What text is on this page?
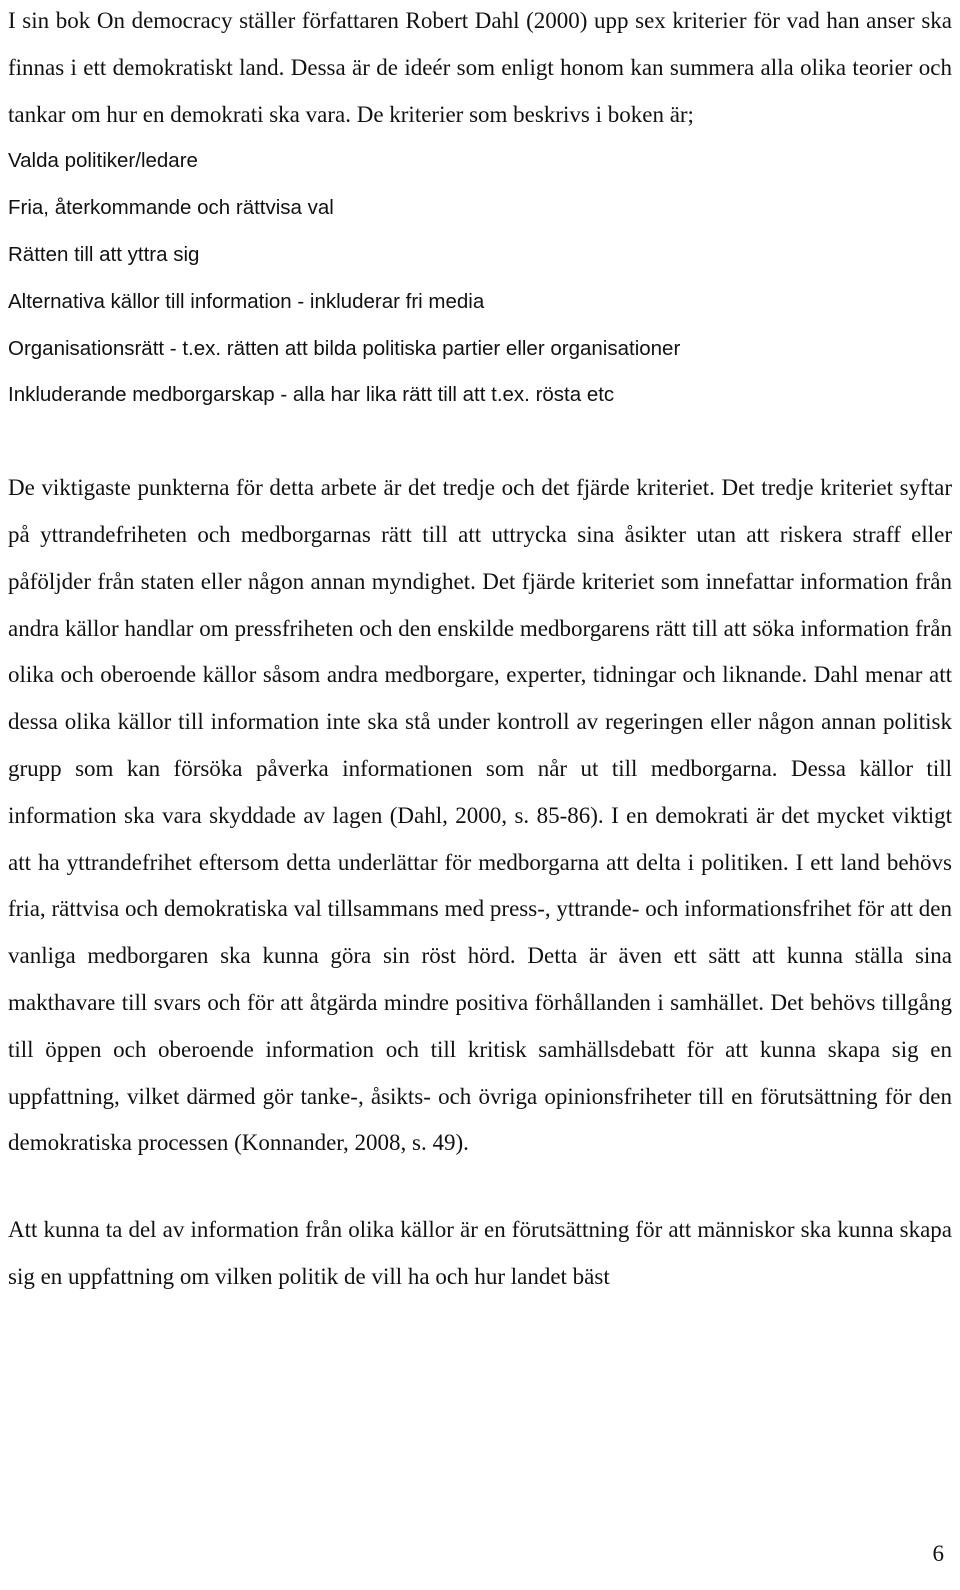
I sin bok On democracy ställer författaren Robert Dahl (2000) upp sex kriterier för vad han anser ska finnas i ett demokratiskt land. Dessa är de ideér som enligt honom kan summera alla olika teorier och tankar om hur en demokrati ska vara. De kriterier som beskrivs i boken är;

Valda politiker/ledare
Fria, återkommande och rättvisa val
Rätten till att yttra sig
Alternativa källor till information - inkluderar fri media
Organisationsrätt - t.ex. rätten att bilda politiska partier eller organisationer
Inkluderande medborgarskap - alla har lika rätt till att t.ex. rösta etc

De viktigaste punkterna för detta arbete är det tredje och det fjärde kriteriet. Det tredje kriteriet syftar på yttrandefriheten och medborgarnas rätt till att uttrycka sina åsikter utan att riskera straff eller påföljder från staten eller någon annan myndighet. Det fjärde kriteriet som innefattar information från andra källor handlar om pressfriheten och den enskilde medborgarens rätt till att söka information från olika och oberoende källor såsom andra medborgare, experter, tidningar och liknande. Dahl menar att dessa olika källor till information inte ska stå under kontroll av regeringen eller någon annan politisk grupp som kan försöka påverka informationen som når ut till medborgarna. Dessa källor till information ska vara skyddade av lagen (Dahl, 2000, s. 85-86). I en demokrati är det mycket viktigt att ha yttrandefrihet eftersom detta underlättar för medborgarna att delta i politiken. I ett land behövs fria, rättvisa och demokratiska val tillsammans med press-, yttrande- och informationsfrihet för att den vanliga medborgaren ska kunna göra sin röst hörd. Detta är även ett sätt att kunna ställa sina makthavare till svars och för att åtgärda mindre positiva förhållanden i samhället. Det behövs tillgång till öppen och oberoende information och till kritisk samhällsdebatt för att kunna skapa sig en uppfattning, vilket därmed gör tanke-, åsikts- och övriga opinionsfriheter till en förutsättning för den demokratiska processen (Konnander, 2008, s. 49).

Att kunna ta del av information från olika källor är en förutsättning för att människor ska kunna skapa sig en uppfattning om vilken politik de vill ha och hur landet bäst

6
